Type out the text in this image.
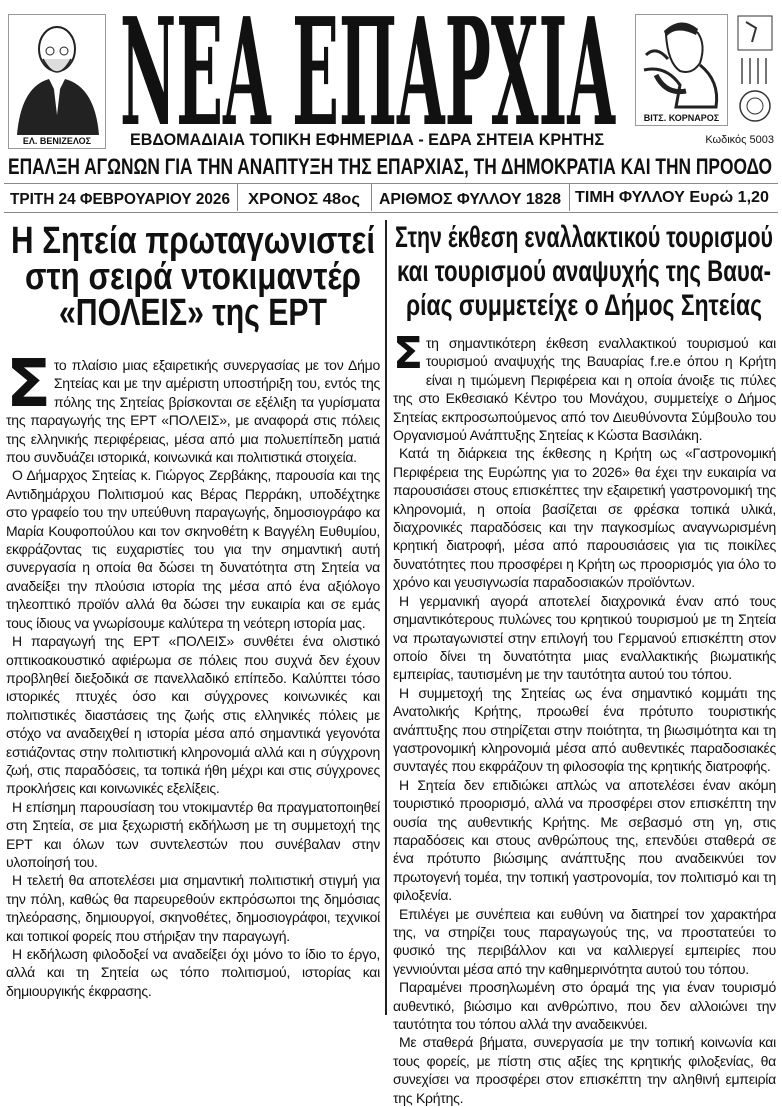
ΕΛ. ΒΕΝΙΖΕΛΟΣ ΝΕΑ ΕΠΑΡΧΙΑ	ΒΙΤΣ. ΚΟΡΝΑΡΟΣ
ΕΒΔΟΜΑΔΙΑΙΑ ΤΟΠΙΚΗ ΕΦΗΜΕΡΙΔΑ - ΕΔΡΑ ΣΗΤΕΙΑ ΚΡΗΤΗΣ	Κωδικός 5003
ΕΠΑΛΞΗ ΑΓΩΝΩΝ ΓΙΑ ΤΗΝ ΑΝΑΠΤΥΞΗ ΤΗΣ ΕΠΑΡΧΙΑΣ, ΤΗ ΔΗΜΟΚΡΑΤΙΑ ΚΑΙ ΤΗΝ ΠΡΟΟΔΟ
ΤΡΙΤΗ 24 ΦΕΒΡΟΥΑΡΙΟΥ 2026 ΧΡΟΝΟΣ 48ος ΑΡΙΘΜΟΣ ΦΥΛΛΟΥ 1828 ΤΙΜΗ ΦΥΛΛΟΥ Ευρώ 1,20
Η Σητεία πρωταγωνιστεί
στη σειρά ντοκιμαντέρ
«ΠΟΛΕΙΣ» της ΕΡΤ

Στο πλαίσιο μιας εξαιρετικής συνεργασίας με τον Δήμο Σητείας και με την αμέριστη υποστήριξη του, εντός της πόλης της Σητείας βρίσκονται σε εξέλιξη τα γυρίσματα της παραγωγής της ΕΡΤ «ΠΟΛΕΙΣ», με αναφορά στις πόλεις της ελληνικής περιφέρειας, μέσα από μια πολυεπίπεδη ματιά που συνδυάζει ιστορικά, κοινωνικά και πολιτιστικά στοιχεία.

Ο Δήμαρχος Σητείας κ. Γιώργος Ζερβάκης, παρουσία και της Αντιδημάρχου Πολιτισμού κας Βέρας Περράκη, υποδέχτηκε στο γραφείο του την υπεύθυνη παραγωγής, δημοσιογράφο κα Μαρία Κουφοπούλου και τον σκηνοθέτη κ Βαγγέλη Ευθυμίου, εκφράζοντας τις ευχαριστίες του για την σημαντική αυτή συνεργασία η οποία θα δώσει τη δυνατότητα στη Σητεία να αναδείξει την πλούσια ιστορία της μέσα από ένα αξιόλογο τηλεοπτικό προϊόν αλλά θα δώσει την ευκαιρία και σε εμάς τους ίδιους να γνωρίσουμε καλύτερα τη νεότερη ιστορία μας.

Η παραγωγή της ΕΡΤ «ΠΟΛΕΙΣ» συνθέτει ένα ολιστικό οπτικοακουστικό αφιέρωμα σε πόλεις που συχνά δεν έχουν προβληθεί διεξοδικά σε πανελλαδικό επίπεδο. Καλύπτει τόσο ιστορικές πτυχές όσο και σύγχρονες κοινωνικές και πολιτιστικές διαστάσεις της ζωής στις ελληνικές πόλεις με στόχο να αναδειχθεί η ιστορία μέσα από σημαντικά γεγονότα εστιάζοντας στην πολιτιστική κληρονομιά αλλά και η σύγχρονη ζωή, στις παραδόσεις, τα τοπικά ήθη μέχρι και στις σύγχρονες προκλήσεις και κοινωνικές εξελίξεις.

Η επίσημη παρουσίαση του ντοκιμαντέρ θα πραγματοποιηθεί στη Σητεία, σε μια ξεχωριστή εκδήλωση με τη συμμετοχή της ΕΡΤ και όλων των συντελεστών που συνέβαλαν στην υλοποίησή του.

Η τελετή θα αποτελέσει μια σημαντική πολιτιστική στιγμή για την πόλη, καθώς θα παρευρεθούν εκπρόσωποι της δημόσιας τηλεόρασης, δημιουργοί, σκηνοθέτες, δημοσιογράφοι, τεχνικοί και τοπικοί φορείς που στήριξαν την παραγωγή.

Η εκδήλωση φιλοδοξεί να αναδείξει όχι μόνο το ίδιο το έργο, αλλά και τη Σητεία ως τόπο πολιτισμού, ιστορίας και δημιουργικής έκφρασης.

Στην έκθεση εναλλακτικού τουρισμού
και τουρισμού αναψυχής της Βαυα-
ρίας συμμετείχε ο Δήμος Σητείας

Στη σημαντικότερη έκθεση εναλλακτικού τουρισμού και τουρισμού αναψυχής της Βαυαρίας f.re.e όπου η Κρήτη είναι η τιμώμενη Περιφέρεια και η οποία άνοιξε τις πύλες της στο Εκθεσιακό Κέντρο του Μονάχου, συμμετείχε ο Δήμος Σητείας εκπροσωπούμενος από τον Διευθύνοντα Σύμβουλο του Οργανισμού Ανάπτυξης Σητείας κ Κώστα Βασιλάκη.

Κατά τη διάρκεια της έκθεσης η Κρήτη ως «Γαστρονομική Περιφέρεια της Ευρώπης για το 2026» θα έχει την ευκαιρία να παρουσιάσει στους επισκέπτες την εξαιρετική γαστρονομική της κληρονομιά, η οποία βασίζεται σε φρέσκα τοπικά υλικά, διαχρονικές παραδόσεις και την παγκοσμίως αναγνωρισμένη κρητική διατροφή, μέσα από παρουσιάσεις για τις ποικίλες δυνατότητες που προσφέρει η Κρήτη ως προορισμός για όλο το χρόνο και γευσιγνωσία παραδοσιακών προϊόντων.

Η γερμανική αγορά αποτελεί διαχρονικά έναν από τους σημαντικότερους πυλώνες του κρητικού τουρισμού με τη Σητεία να πρωταγωνιστεί στην επιλογή του Γερμανού επισκέπτη στον οποίο δίνει τη δυνατότητα μιας εναλλακτικής βιωματικής εμπειρίας, ταυτισμένη με την ταυτότητα αυτού του τόπου.

Η συμμετοχή της Σητείας ως ένα σημαντικό κομμάτι της Ανατολικής Κρήτης, προωθεί ένα πρότυπο τουριστικής ανάπτυξης που στηρίζεται στην ποιότητα, τη βιωσιμότητα και τη γαστρονομική κληρονομιά μέσα από αυθεντικές παραδοσιακές συνταγές που εκφράζουν τη φιλοσοφία της κρητικής διατροφής.

Η Σητεία δεν επιδιώκει απλώς να αποτελέσει έναν ακόμη τουριστικό προορισμό, αλλά να προσφέρει στον επισκέπτη την ουσία της αυθεντικής Κρήτης. Με σεβασμό στη γη, στις παραδόσεις και στους ανθρώπους της, επενδύει σταθερά σε ένα πρότυπο βιώσιμης ανάπτυξης που αναδεικνύει τον πρωτογενή τομέα, την τοπική γαστρονομία, τον πολιτισμό και τη φιλοξενία.

Επιλέγει με συνέπεια και ευθύνη να διατηρεί τον χαρακτήρα της, να στηρίζει τους παραγωγούς της, να προστατεύει το φυσικό της περιβάλλον και να καλλιεργεί εμπειρίες που γεννιούνται μέσα από την καθημερινότητα αυτού του τόπου.

Παραμένει προσηλωμένη στο όραμά της για έναν τουρισμό αυθεντικό, βιώσιμο και ανθρώπινο, που δεν αλλοιώνει την ταυτότητα του τόπου αλλά την αναδεικνύει.

Με σταθερά βήματα, συνεργασία με την τοπική κοινωνία και τους φορείς, με πίστη στις αξίες της κρητικής φιλοξενίας, θα συνεχίσει να προσφέρει στον επισκέπτη την αληθινή εμπειρία της Κρήτης.
